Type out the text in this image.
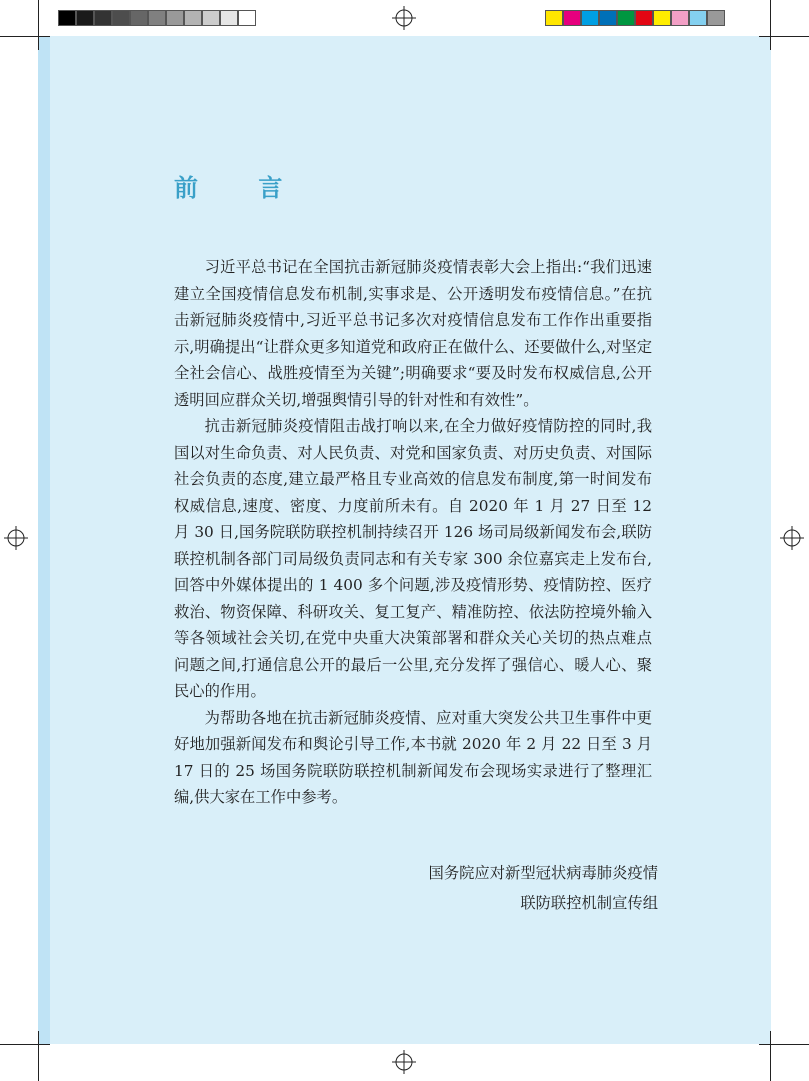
前 言

习近平总书记在全国抗击新冠肺炎疫情表彰大会上指出:“我们迅速建立全国疫情信息发布机制,实事求是、公开透明发布疫情信息。”在抗击新冠肺炎疫情中,习近平总书记多次对疫情信息发布工作作出重要指示,明确提出“让群众更多知道党和政府正在做什么、还要做什么,对坚定全社会信心、战胜疫情至为关键”;明确要求“要及时发布权威信息,公开透明回应群众关切,增强舆情引导的针对性和有效性”。

抗击新冠肺炎疫情阻击战打响以来,在全力做好疫情防控的同时,我国以对生命负责、对人民负责、对党和国家负责、对历史负责、对国际社会负责的态度,建立最严格且专业高效的信息发布制度,第一时间发布权威信息,速度、密度、力度前所未有。自 2020 年 1 月 27 日至 12 月 30 日,国务院联防联控机制持续召开 126 场司局级新闻发布会,联防联控机制各部门司局级负责同志和有关专家 300 余位嘉宾走上发布台,回答中外媒体提出的 1 400 多个问题,涉及疫情形势、疫情防控、医疗救治、物资保障、科研攻关、复工复产、精准防控、依法防控境外输入等各领域社会关切,在党中央重大决策部署和群众关心关切的热点难点问题之间,打通信息公开的最后一公里,充分发挥了强信心、暖人心、聚民心的作用。

为帮助各地在抗击新冠肺炎疫情、应对重大突发公共卫生事件中更好地加强新闻发布和舆论引导工作,本书就 2020 年 2 月 22 日至 3 月 17 日的 25 场国务院联防联控机制新闻发布会现场实录进行了整理汇编,供大家在工作中参考。

国务院应对新型冠状病毒肺炎疫情
联防联控机制宣传组
